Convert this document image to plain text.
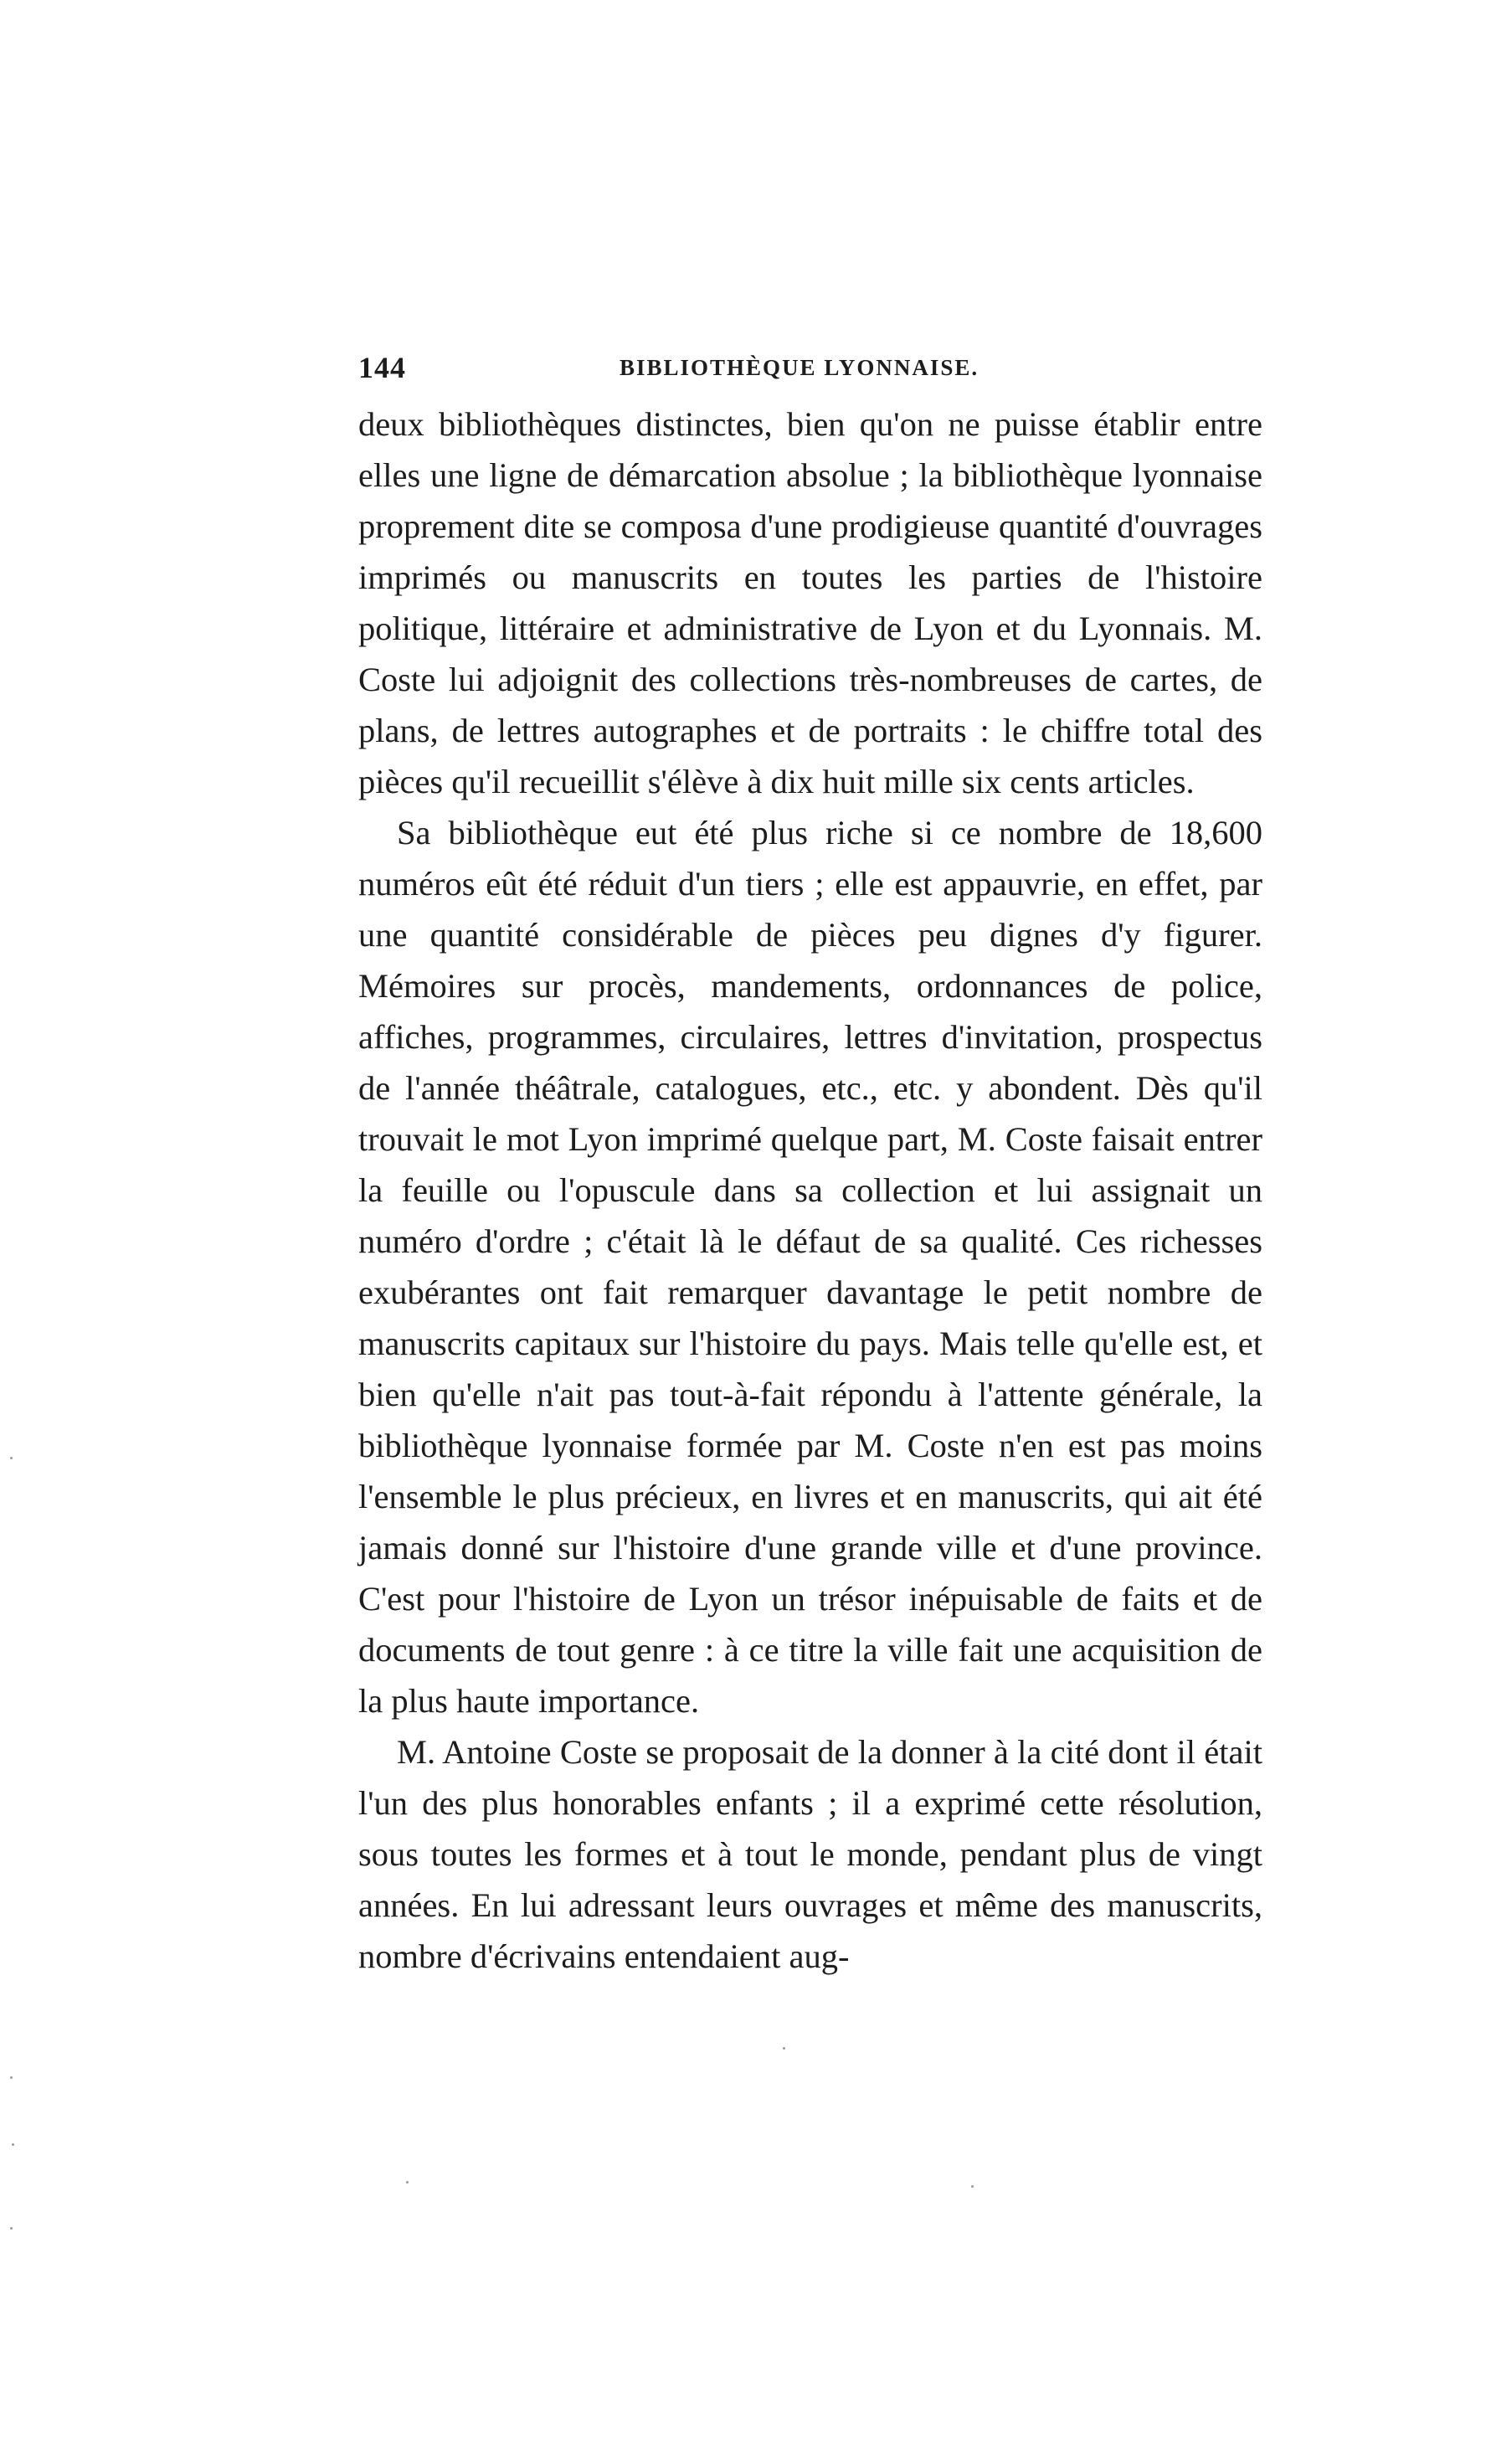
144	BIBLIOTHÈQUE LYONNAISE.

deux bibliothèques distinctes, bien qu'on ne puisse établir entre elles une ligne de démarcation absolue ; la bibliothèque lyonnaise proprement dite se composa d'une prodigieuse quantité d'ouvrages imprimés ou manuscrits en toutes les parties de l'histoire politique, littéraire et administrative de Lyon et du Lyonnais. M. Coste lui adjoignit des collections très-nombreuses de cartes, de plans, de lettres autographes et de portraits : le chiffre total des pièces qu'il recueillit s'élève à dix huit mille six cents articles.

Sa bibliothèque eut été plus riche si ce nombre de 18,600 numéros eût été réduit d'un tiers ; elle est appauvrie, en effet, par une quantité considérable de pièces peu dignes d'y figurer. Mémoires sur procès, mandements, ordonnances de police, affiches, programmes, circulaires, lettres d'invitation, prospectus de l'année théâtrale, catalogues, etc., etc. y abondent. Dès qu'il trouvait le mot Lyon imprimé quelque part, M. Coste faisait entrer la feuille ou l'opuscule dans sa collection et lui assignait un numéro d'ordre ; c'était là le défaut de sa qualité. Ces richesses exubérantes ont fait remarquer davantage le petit nombre de manuscrits capitaux sur l'histoire du pays. Mais telle qu'elle est, et bien qu'elle n'ait pas tout-à-fait répondu à l'attente générale, la bibliothèque lyonnaise formée par M. Coste n'en est pas moins l'ensemble le plus précieux, en livres et en manuscrits, qui ait été jamais donné sur l'histoire d'une grande ville et d'une province. C'est pour l'histoire de Lyon un trésor inépuisable de faits et de documents de tout genre : à ce titre la ville fait une acquisition de la plus haute importance.

M. Antoine Coste se proposait de la donner à la cité dont il était l'un des plus honorables enfants ; il a exprimé cette résolution, sous toutes les formes et à tout le monde, pendant plus de vingt années. En lui adressant leurs ouvrages et même des manuscrits, nombre d'écrivains entendaient aug-
